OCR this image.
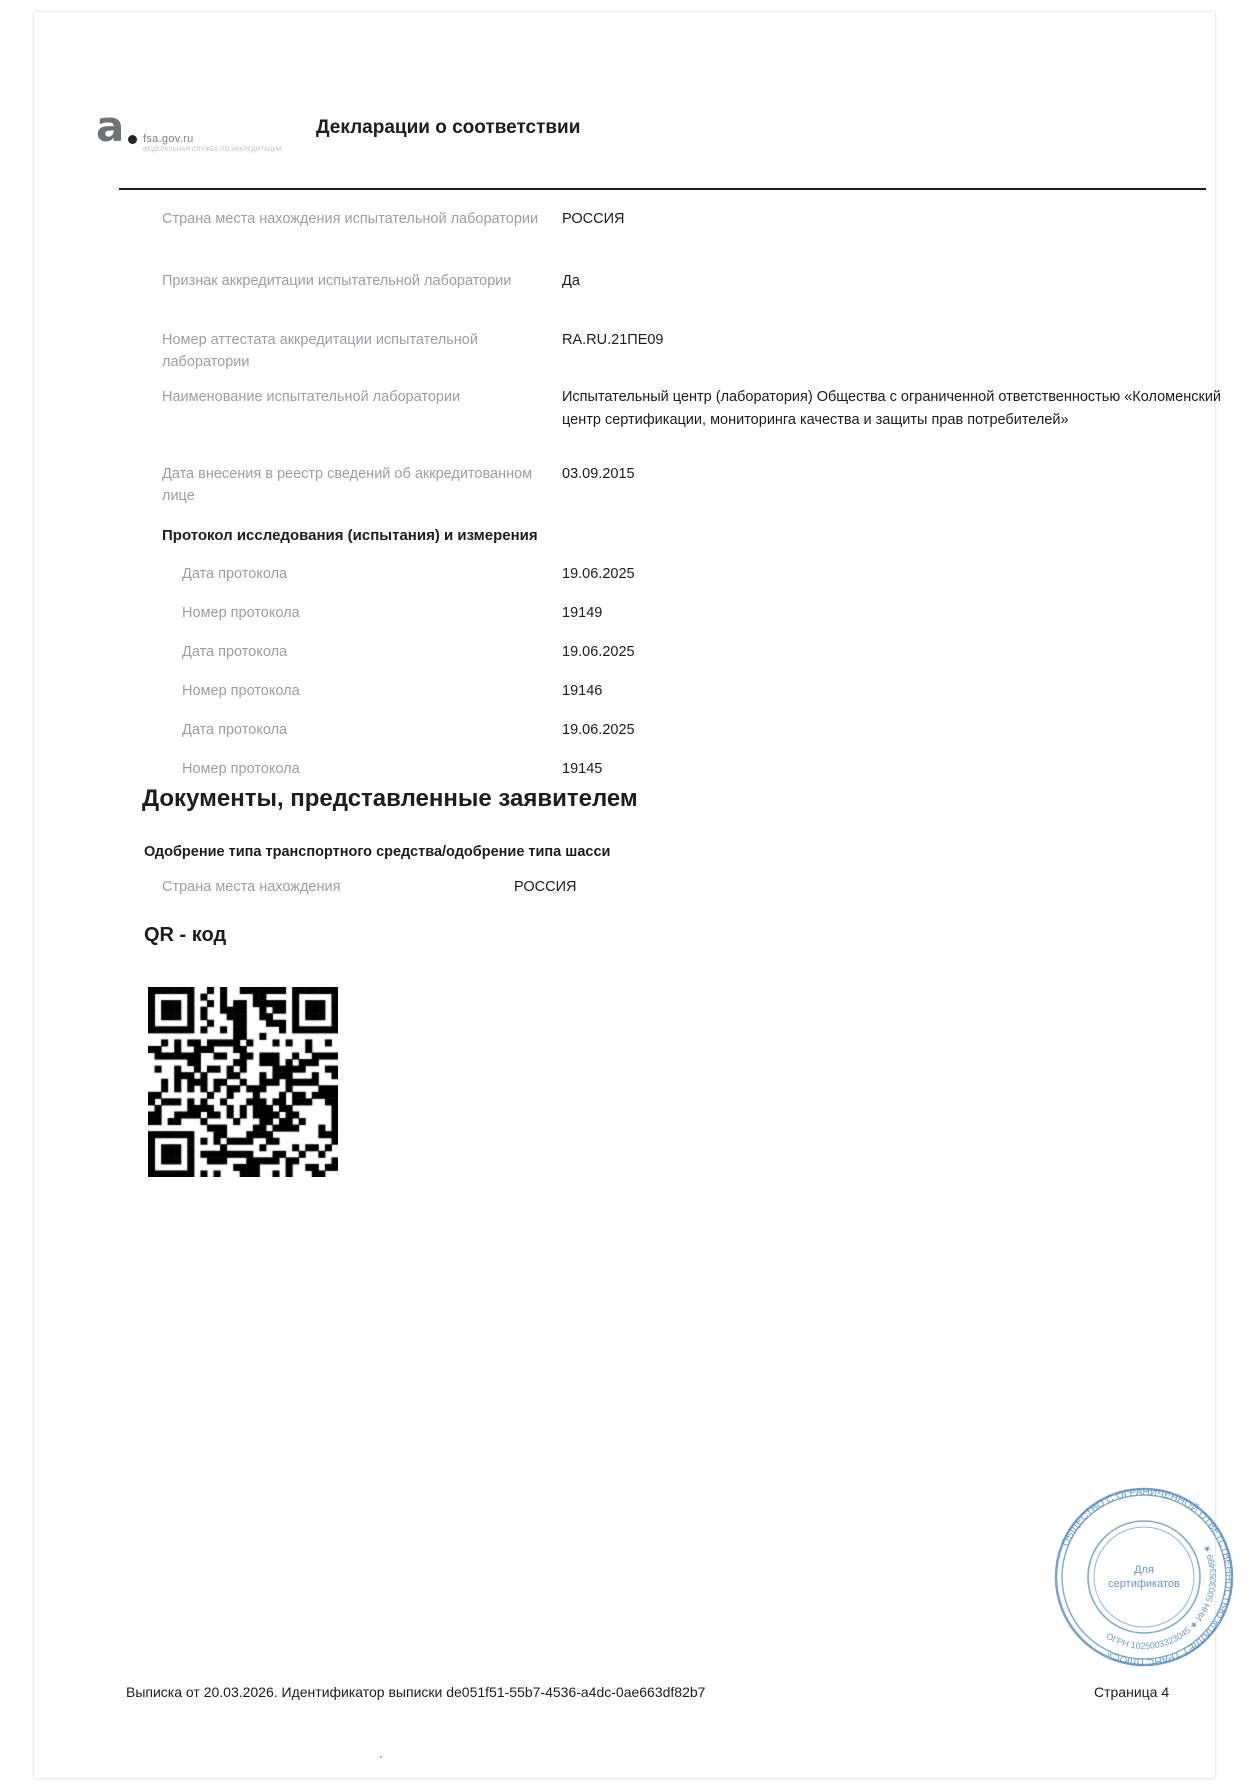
a	fsa.gov.ru
ФЕДЕРАЛЬНАЯ СЛУЖБА ПО АККРЕДИТАЦИИ
Декларации о соответствии
Страна места нахождения испытательной лаборатории	РОССИЯ
Признак аккредитации испытательной лаборатории	Да
Номер аттестата аккредитации испытательной лаборатории
RA.RU.21ПЕ09
Наименование испытательной лаборатории	Испытательный центр (лаборатория) Общества с ограниченной ответственностью «Коломенский центр сертификации, мониторинга качества и защиты прав потребителей»
Дата внесения в реестр сведений об аккредитованном лице
03.09.2015
Протокол исследования (испытания) и измерения
Дата протокола	19.06.2025
Номер протокола	19149
Дата протокола	19.06.2025
Номер протокола	19146
Дата протокола	19.06.2025
Номер протокола	19145
Документы, представленные заявителем
Одобрение типа транспортного средства/одобрение типа шасси
Страна места нахождения	РОССИЯ
QR - код
ОБЩЕСТВО С ОГРАНИЧЕННОЙ ОТВЕТСТВЕННОСТЬЮ «ПАЛЛЕТ ТРАНС ПЛЮС»
ОГРН 1025003323045 ★ ИНН 5003053499 ★
Для
сертификатов
Выписка от 20.03.2026. Идентификатор выписки de051f51-55b7-4536-a4dc-0ae663df82b7	Страница 4
.
